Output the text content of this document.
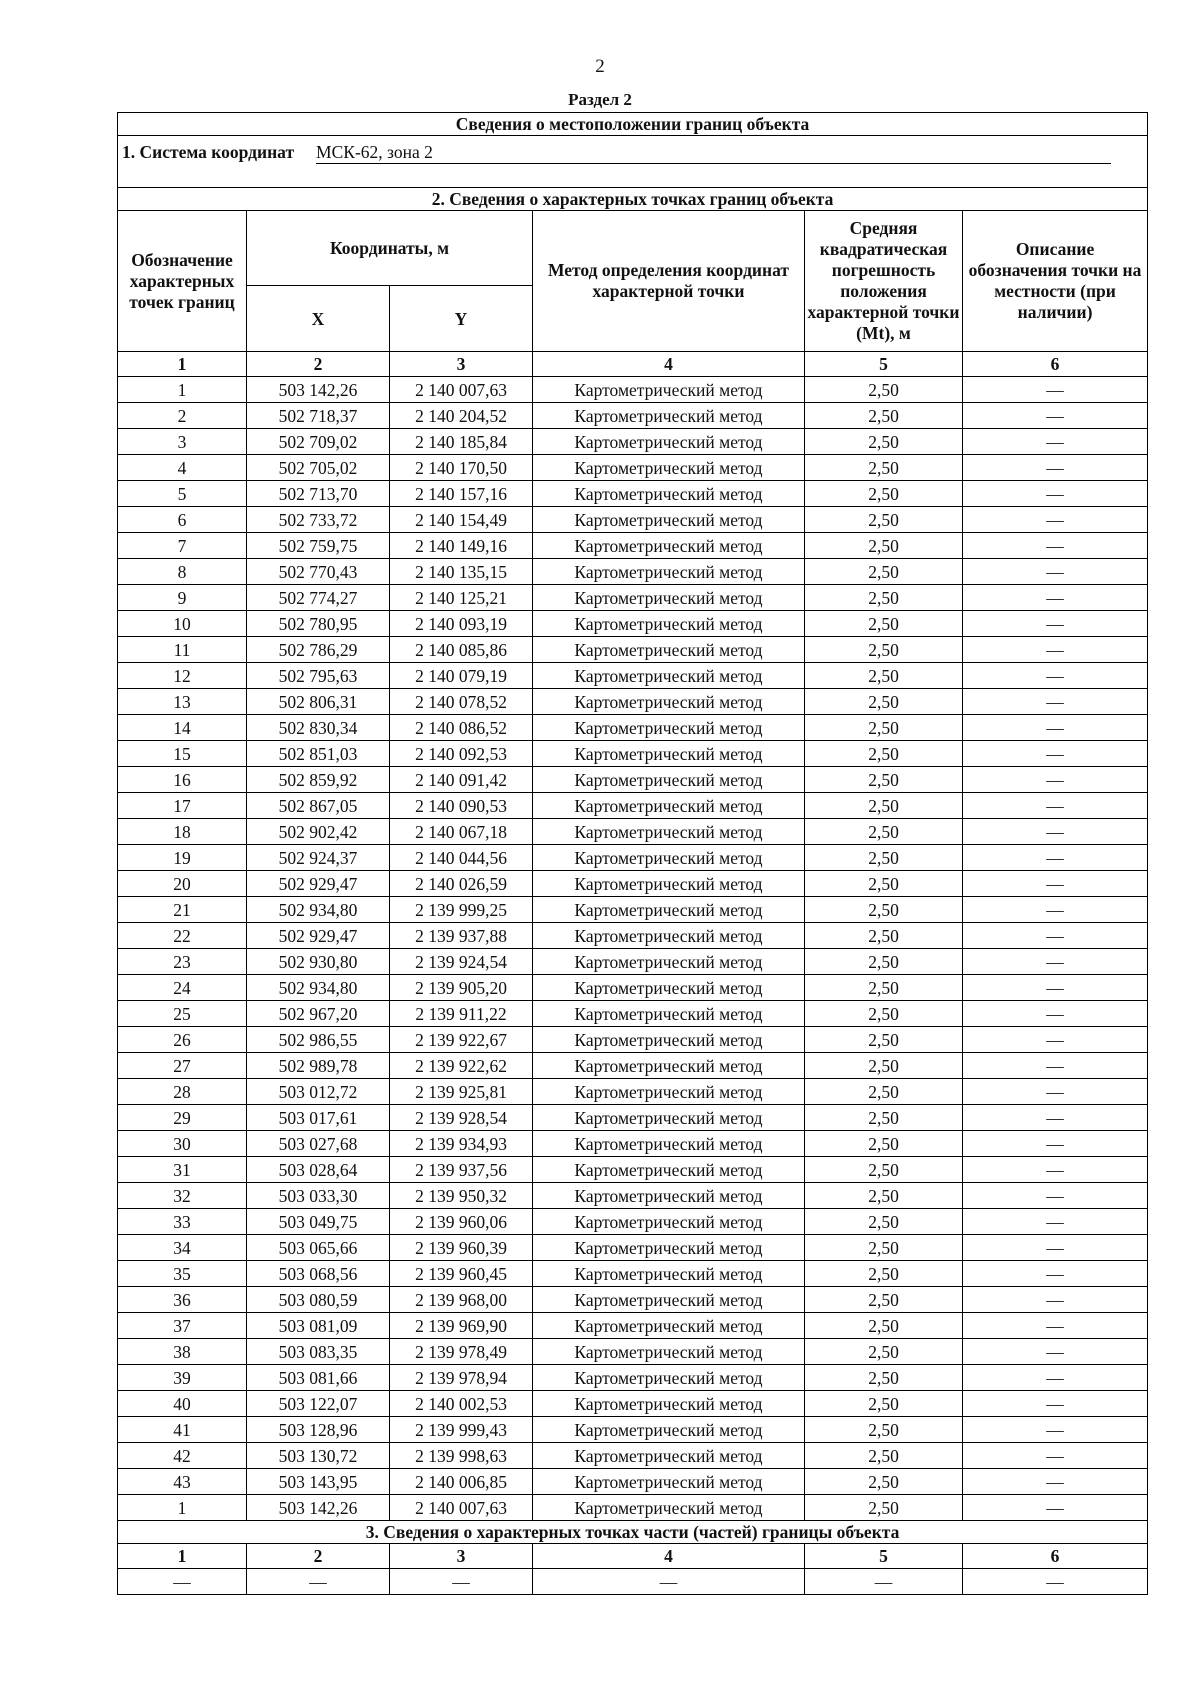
2
Раздел 2
Сведения о местоположении границ объекта					
1. Система координат МСК-62, зона 2					
2. Сведения о характерных точках границ объекта					
Обозначение характерных точек границ	Координаты, м		Метод определения координат характерной точки	Средняя квадратическая погрешность положения характерной точки (Mt), м	Описание обозначения точки на местности (при наличии)
	X	Y			
1	2	3	4	5	6
1	503 142,26	2 140 007,63	Картометрический метод	2,50	—
2	502 718,37	2 140 204,52	Картометрический метод	2,50	—
3	502 709,02	2 140 185,84	Картометрический метод	2,50	—
4	502 705,02	2 140 170,50	Картометрический метод	2,50	—
5	502 713,70	2 140 157,16	Картометрический метод	2,50	—
6	502 733,72	2 140 154,49	Картометрический метод	2,50	—
7	502 759,75	2 140 149,16	Картометрический метод	2,50	—
8	502 770,43	2 140 135,15	Картометрический метод	2,50	—
9	502 774,27	2 140 125,21	Картометрический метод	2,50	—
10	502 780,95	2 140 093,19	Картометрический метод	2,50	—
11	502 786,29	2 140 085,86	Картометрический метод	2,50	—
12	502 795,63	2 140 079,19	Картометрический метод	2,50	—
13	502 806,31	2 140 078,52	Картометрический метод	2,50	—
14	502 830,34	2 140 086,52	Картометрический метод	2,50	—
15	502 851,03	2 140 092,53	Картометрический метод	2,50	—
16	502 859,92	2 140 091,42	Картометрический метод	2,50	—
17	502 867,05	2 140 090,53	Картометрический метод	2,50	—
18	502 902,42	2 140 067,18	Картометрический метод	2,50	—
19	502 924,37	2 140 044,56	Картометрический метод	2,50	—
20	502 929,47	2 140 026,59	Картометрический метод	2,50	—
21	502 934,80	2 139 999,25	Картометрический метод	2,50	—
22	502 929,47	2 139 937,88	Картометрический метод	2,50	—
23	502 930,80	2 139 924,54	Картометрический метод	2,50	—
24	502 934,80	2 139 905,20	Картометрический метод	2,50	—
25	502 967,20	2 139 911,22	Картометрический метод	2,50	—
26	502 986,55	2 139 922,67	Картометрический метод	2,50	—
27	502 989,78	2 139 922,62	Картометрический метод	2,50	—
28	503 012,72	2 139 925,81	Картометрический метод	2,50	—
29	503 017,61	2 139 928,54	Картометрический метод	2,50	—
30	503 027,68	2 139 934,93	Картометрический метод	2,50	—
31	503 028,64	2 139 937,56	Картометрический метод	2,50	—
32	503 033,30	2 139 950,32	Картометрический метод	2,50	—
33	503 049,75	2 139 960,06	Картометрический метод	2,50	—
34	503 065,66	2 139 960,39	Картометрический метод	2,50	—
35	503 068,56	2 139 960,45	Картометрический метод	2,50	—
36	503 080,59	2 139 968,00	Картометрический метод	2,50	—
37	503 081,09	2 139 969,90	Картометрический метод	2,50	—
38	503 083,35	2 139 978,49	Картометрический метод	2,50	—
39	503 081,66	2 139 978,94	Картометрический метод	2,50	—
40	503 122,07	2 140 002,53	Картометрический метод	2,50	—
41	503 128,96	2 139 999,43	Картометрический метод	2,50	—
42	503 130,72	2 139 998,63	Картометрический метод	2,50	—
43	503 143,95	2 140 006,85	Картометрический метод	2,50	—
1	503 142,26	2 140 007,63	Картометрический метод	2,50	—
3. Сведения о характерных точках части (частей) границы объекта					
1	2	3	4	5	6
—	—	—	—	—	—
